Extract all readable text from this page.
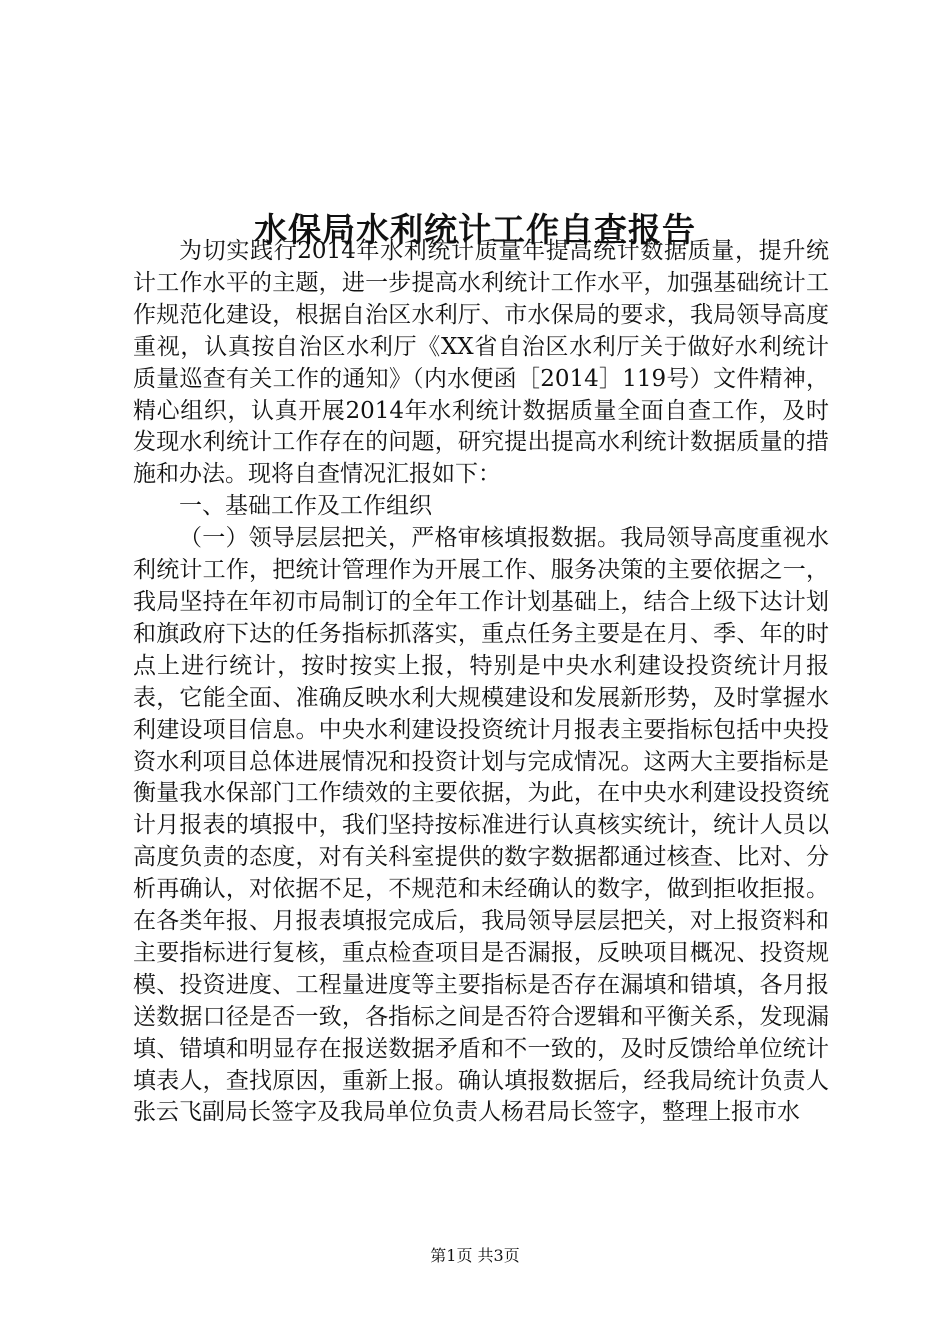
水保局水利统计工作自查报告

为切实践行2014年水利统计质量年提高统计数据质量，提升统计工作水平的主题，进一步提高水利统计工作水平，加强基础统计工作规范化建设，根据自治区水利厅、市水保局的要求，我局领导高度重视，认真按自治区水利厅《XX省自治区水利厅关于做好水利统计质量巡查有关工作的通知》（内水便函［2014］119号）文件精神，精心组织，认真开展2014年水利统计数据质量全面自查工作，及时发现水利统计工作存在的问题，研究提出提高水利统计数据质量的措施和办法。现将自查情况汇报如下：

一、基础工作及工作组织

（一）领导层层把关，严格审核填报数据。我局领导高度重视水利统计工作，把统计管理作为开展工作、服务决策的主要依据之一，我局坚持在年初市局制订的全年工作计划基础上，结合上级下达计划和旗政府下达的任务指标抓落实，重点任务主要是在月、季、年的时点上进行统计，按时按实上报，特别是中央水利建设投资统计月报表，它能全面、准确反映水利大规模建设和发展新形势，及时掌握水利建设项目信息。中央水利建设投资统计月报表主要指标包括中央投资水利项目总体进展情况和投资计划与完成情况。这两大主要指标是衡量我水保部门工作绩效的主要依据，为此，在中央水利建设投资统计月报表的填报中，我们坚持按标准进行认真核实统计，统计人员以高度负责的态度，对有关科室提供的数字数据都通过核查、比对、分析再确认，对依据不足，不规范和未经确认的数字，做到拒收拒报。在各类年报、月报表填报完成后，我局领导层层把关，对上报资料和主要指标进行复核，重点检查项目是否漏报，反映项目概况、投资规模、投资进度、工程量进度等主要指标是否存在漏填和错填，各月报送数据口径是否一致，各指标之间是否符合逻辑和平衡关系，发现漏填、错填和明显存在报送数据矛盾和不一致的，及时反馈给单位统计填表人，查找原因，重新上报。确认填报数据后，经我局统计负责人张云飞副局长签字及我局单位负责人杨君局长签字，整理上报市水

第1页 共3页
